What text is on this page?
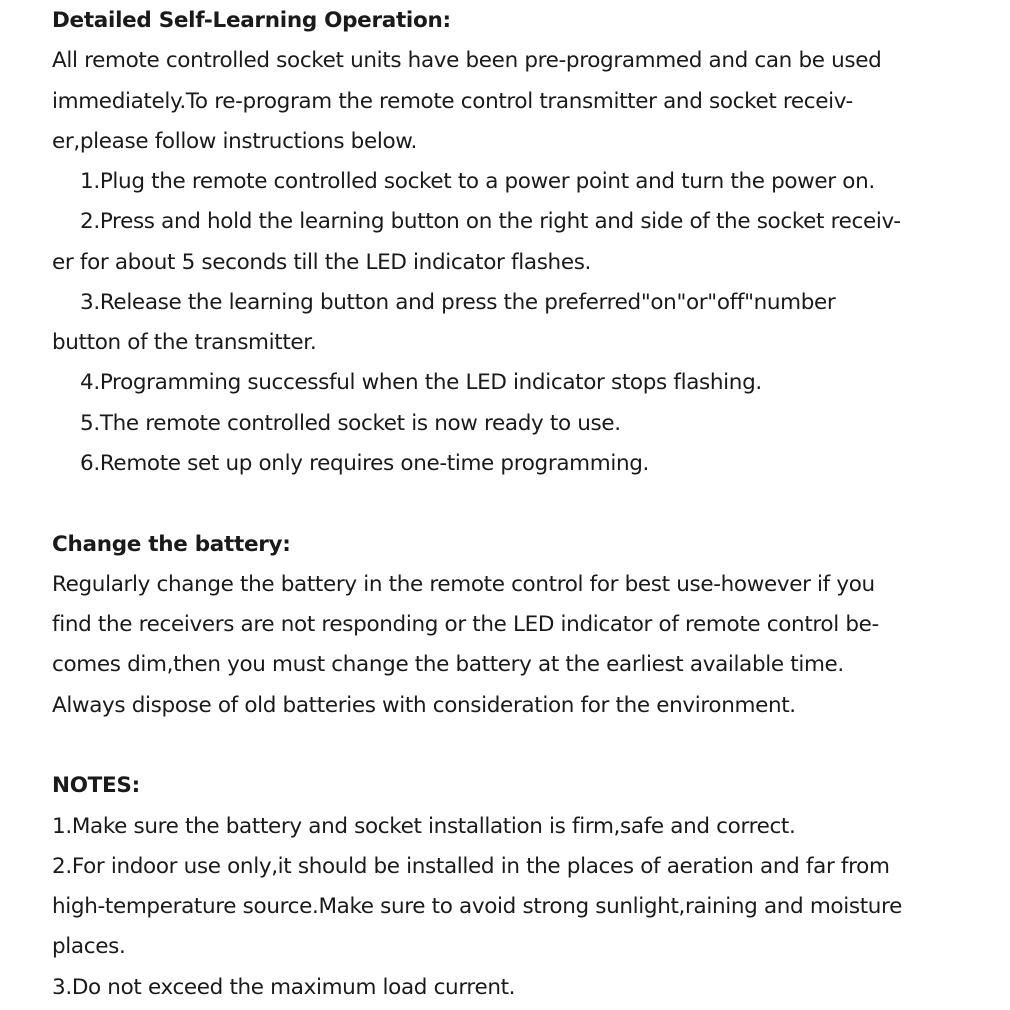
Detailed Self-Learning Operation:
All remote controlled socket units have been pre-programmed and can be used
immediately.To re-program the remote control transmitter and socket receiv-
er,please follow instructions below.
1.Plug the remote controlled socket to a power point and turn the power on.
2.Press and hold the learning button on the right and side of the socket receiv-
er for about 5 seconds till the LED indicator flashes.
3.Release the learning button and press the preferred"on"or"off"number
button of the transmitter.
4.Programming successful when the LED indicator stops flashing.
5.The remote controlled socket is now ready to use.
6.Remote set up only requires one-time programming.
Change the battery:
Regularly change the battery in the remote control for best use-however if you
find the receivers are not responding or the LED indicator of remote control be-
comes dim,then you must change the battery at the earliest available time.
Always dispose of old batteries with consideration for the environment.
NOTES:
1.Make sure the battery and socket installation is firm,safe and correct.
2.For indoor use only,it should be installed in the places of aeration and far from
high-temperature source.Make sure to avoid strong sunlight,raining and moisture
places.
3.Do not exceed the maximum load current.
